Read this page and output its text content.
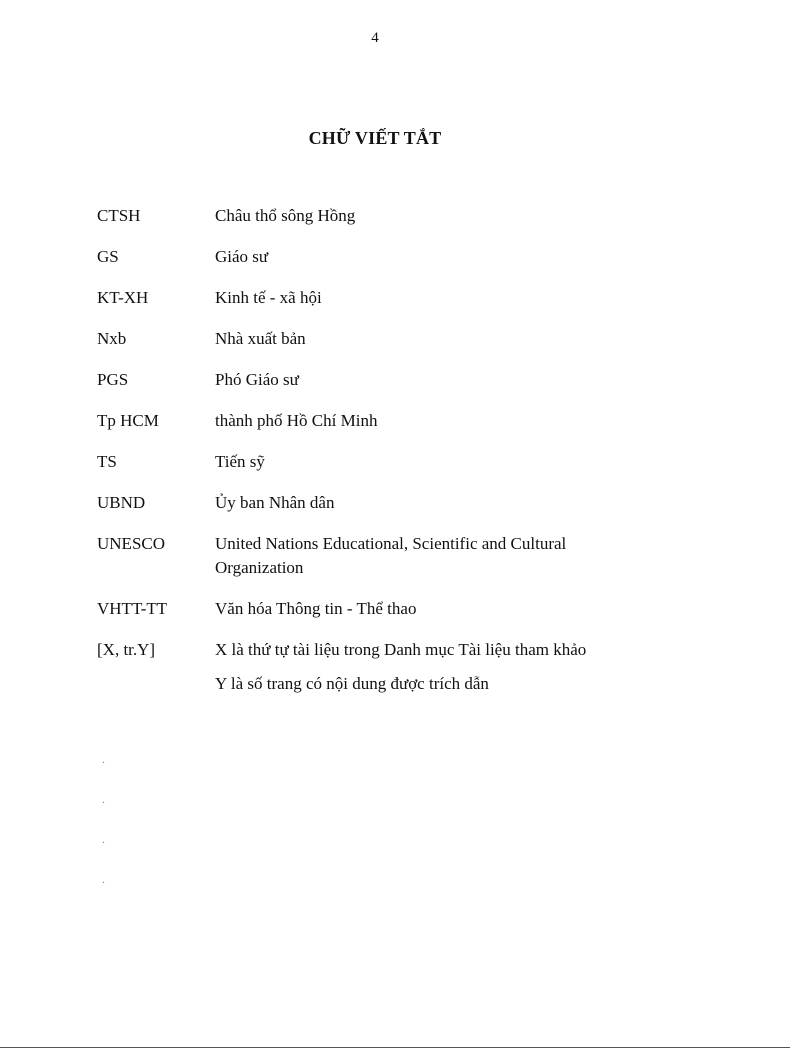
4
CHỮ VIẾT TẮT
CTSH	Châu thổ sông Hồng
GS	Giáo sư
KT-XH	Kinh tế - xã hội
Nxb	Nhà xuất bản
PGS	Phó Giáo sư
Tp HCM	thành phố Hồ Chí Minh
TS	Tiến sỹ
UBND	Ủy ban Nhân dân
UNESCO	United Nations Educational, Scientific and Cultural Organization
VHTT-TT	Văn hóa Thông tin - Thể thao
[X, tr.Y]	X là thứ tự tài liệu trong Danh mục Tài liệu tham khảo
Y là số trang có nội dung được trích dẫn
.
.
.
.
